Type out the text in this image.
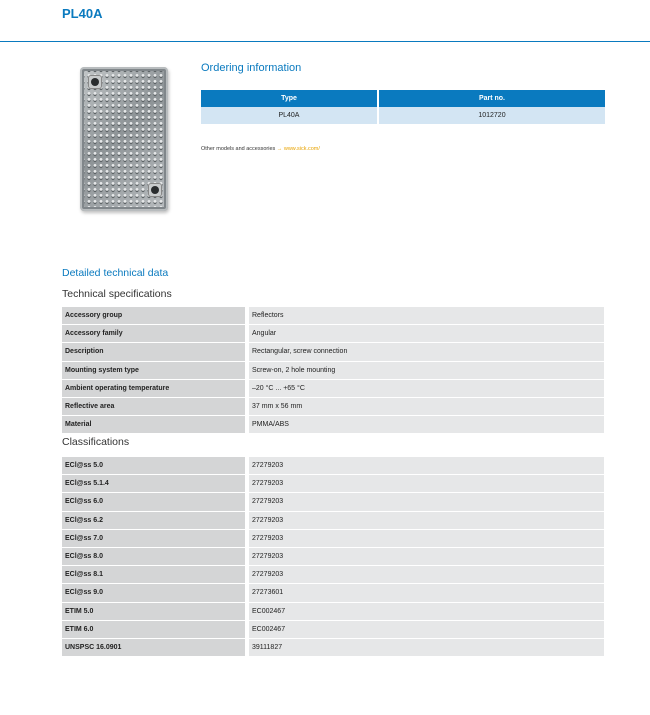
PL40A
Ordering information
Type	Part no.
PL40A	1012720
Other models and accessories → www.sick.com/
Detailed technical data
Technical specifications
Accessory group	Reflectors
Accessory family	Angular
Description	Rectangular, screw connection
Mounting system type	Screw-on, 2 hole mounting
Ambient operating temperature	–20 °C ... +65 °C
Reflective area	37 mm x 56 mm
Material	PMMA/ABS
Classifications
ECl@ss 5.0	27279203
ECl@ss 5.1.4	27279203
ECl@ss 6.0	27279203
ECl@ss 6.2	27279203
ECl@ss 7.0	27279203
ECl@ss 8.0	27279203
ECl@ss 8.1	27279203
ECl@ss 9.0	27273601
ETIM 5.0	EC002467
ETIM 6.0	EC002467
UNSPSC 16.0901	39111827
